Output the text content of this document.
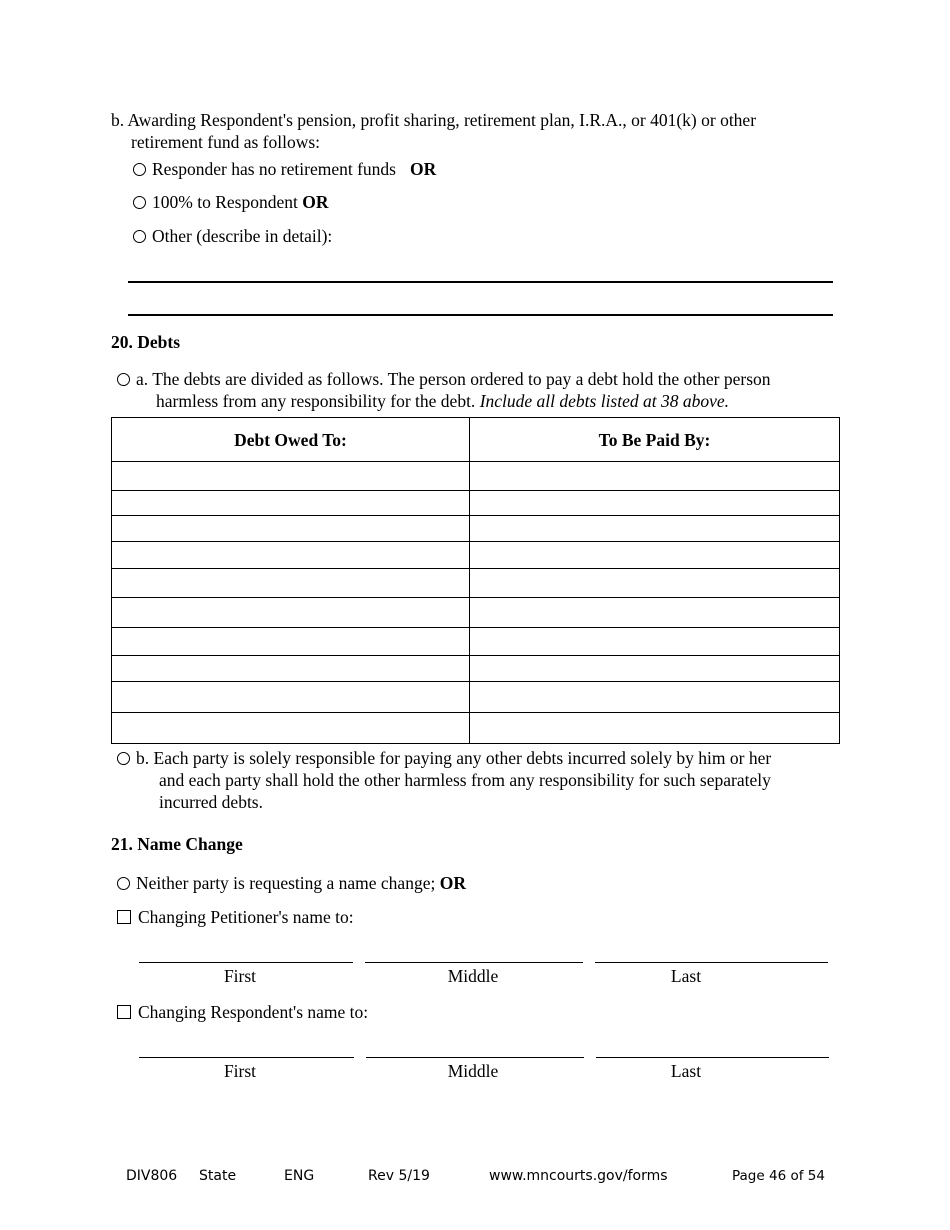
b. Awarding Respondent's pension, profit sharing, retirement plan, I.R.A., or 401(k) or other
retirement fund as follows:
Responder has no retirement funds OR
100% to Respondent OR
Other (describe in detail):
20. Debts
a. The debts are divided as follows. The person ordered to pay a debt hold the other person
harmless from any responsibility for the debt. Include all debts listed at 38 above.
Debt Owed To:	To Be Paid By:

b. Each party is solely responsible for paying any other debts incurred solely by him or her
and each party shall hold the other harmless from any responsibility for such separately
incurred debts.
21. Name Change
Neither party is requesting a name change; OR
Changing Petitioner's name to:
First	Middle	Last
Changing Respondent's name to:
First	Middle	Last
DIV806 State	ENG	Rev 5/19	www.mncourts.gov/forms	Page 46 of 54
